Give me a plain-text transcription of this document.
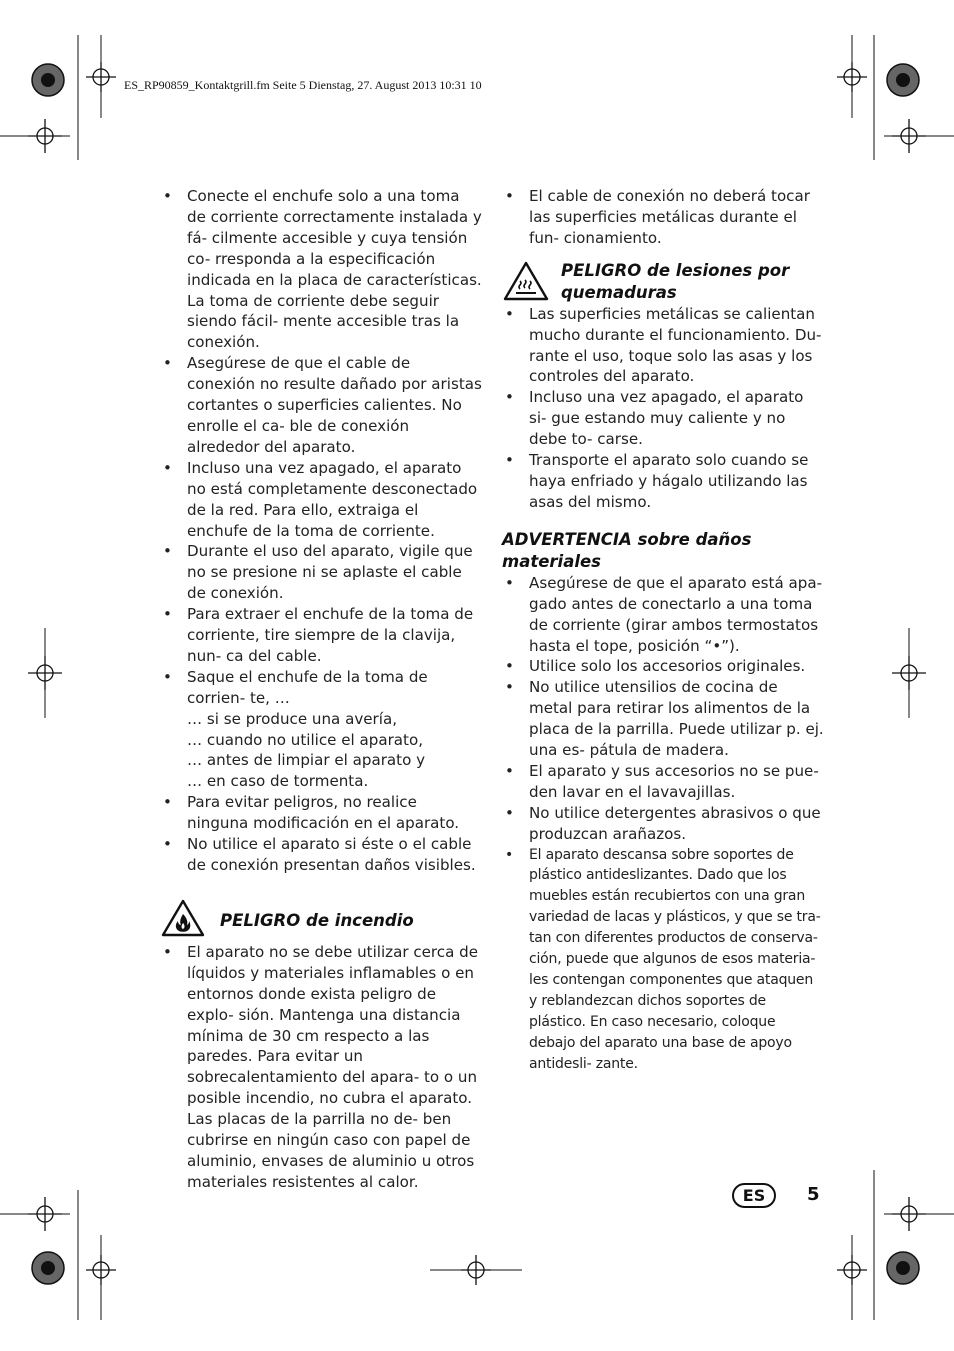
ES_RP90859_Kontaktgrill.fm Seite 5 Dienstag, 27. August 2013 10:31 10
• Conecte el enchufe solo a una toma de corriente correctamente instalada y fá- cilmente accesible y cuya tensión co- rresponda a la especificación indicada en la placa de características. La toma de corriente debe seguir siendo fácil- mente accesible tras la conexión.
• Asegúrese de que el cable de conexión no resulte dañado por aristas cortantes o superficies calientes. No enrolle el ca- ble de conexión alrededor del aparato.
• Incluso una vez apagado, el aparato no está completamente desconectado de la red. Para ello, extraiga el enchufe de la toma de corriente.
• Durante el uso del aparato, vigile que no se presione ni se aplaste el cable de conexión.
• Para extraer el enchufe de la toma de corriente, tire siempre de la clavija, nun- ca del cable.
• Saque el enchufe de la toma de corrien- te, …
… si se produce una avería,
… cuando no utilice el aparato,
… antes de limpiar el aparato y
… en caso de tormenta.
• Para evitar peligros, no realice ninguna modificación en el aparato.
• No utilice el aparato si éste o el cable de conexión presentan daños visibles.
PELIGRO de incendio
• El aparato no se debe utilizar cerca de líquidos y materiales inflamables o en entornos donde exista peligro de explo- sión. Mantenga una distancia mínima de 30 cm respecto a las paredes. Para evitar un sobrecalentamiento del apara- to o un posible incendio, no cubra el aparato. Las placas de la parrilla no de- ben cubrirse en ningún caso con papel de aluminio, envases de aluminio u otros materiales resistentes al calor.
• El cable de conexión no deberá tocar las superficies metálicas durante el fun- cionamiento.
PELIGRO de lesiones por quemaduras
• Las superficies metálicas se calientan mucho durante el funcionamiento. Du- rante el uso, toque solo las asas y los controles del aparato.
• Incluso una vez apagado, el aparato si- gue estando muy caliente y no debe to- carse.
• Transporte el aparato solo cuando se haya enfriado y hágalo utilizando las asas del mismo.
ADVERTENCIA sobre daños materiales
• Asegúrese de que el aparato está apa- gado antes de conectarlo a una toma de corriente (girar ambos termostatos hasta el tope, posición “•”).
• Utilice solo los accesorios originales.
• No utilice utensilios de cocina de metal para retirar los alimentos de la placa de la parrilla. Puede utilizar p. ej. una es- pátula de madera.
• El aparato y sus accesorios no se pue- den lavar en el lavavajillas.
• No utilice detergentes abrasivos o que produzcan arañazos.
• El aparato descansa sobre soportes de plástico antideslizantes. Dado que los muebles están recubiertos con una gran variedad de lacas y plásticos, y que se tra- tan con diferentes productos de conserva- ción, puede que algunos de esos materia- les contengan componentes que ataquen y reblandezcan dichos soportes de plástico. En caso necesario, coloque debajo del aparato una base de apoyo antidesli- zante.
ES	5
